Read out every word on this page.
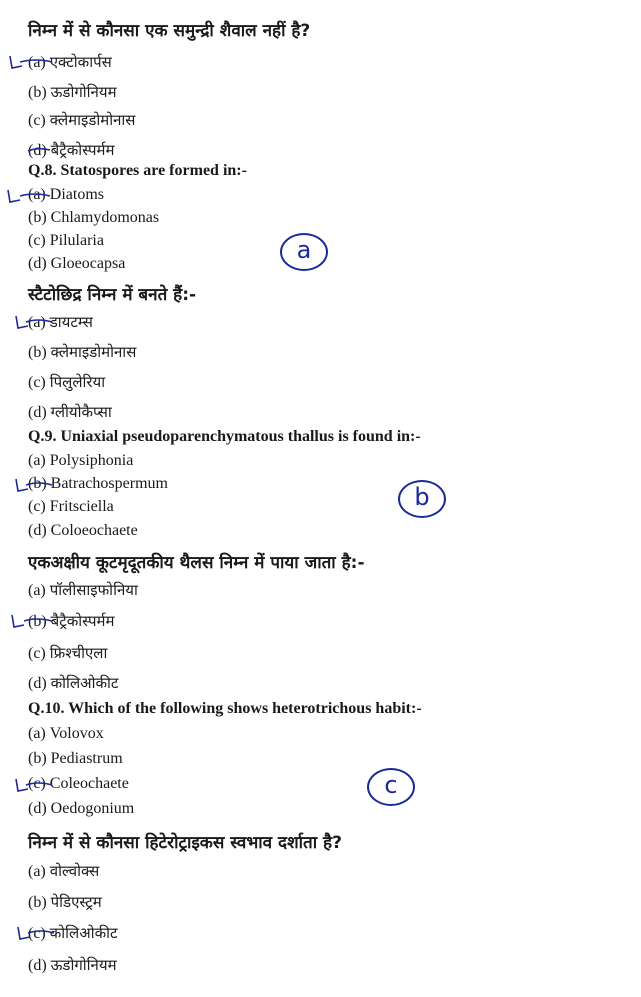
निम्न में से कौनसा एक समुन्द्री शैवाल नहीं है?
(a) एक्टोकार्पस
(b) ऊडोगोनियम
(c) क्लेमाइडोमोनास
(d) बैट्रैकोस्पर्मम
Q.8. Statospores are formed in:-
(a) Diatoms
(b) Chlamydomonas
(c) Pilularia
(d) Gloeocapsa	a
स्टैटोछिद्र निम्न में बनते हैं:-
(a) डायटम्स
(b) क्लेमाइडोमोनास
(c) पिलुलेरिया
(d) ग्लीयोकैप्सा
Q.9. Uniaxial pseudoparenchymatous thallus is found in:-
(a) Polysiphonia
(b) Batrachospermum
(c) Fritsciella
(d) Coloeochaete
b
एकअक्षीय कूटमृदूतकीय थैलस निम्न में पाया जाता है:-
(a) पॉलीसाइफोनिया
(b) बैट्रैकोस्पर्मम
(c) फ्रिश्चीएला
(d) कोलिओकीट
Q.10. Which of the following shows heterotrichous habit:-
(a) Volovox
(b) Pediastrum
(c) Coleochaete
(d) Oedogonium
c
निम्न में से कौनसा हिटेरोट्राइकस स्वभाव दर्शाता है?
(a) वोल्वोक्स
(b) पेडिएस्ट्रम
(c) कोलिओकीट
(d) ऊडोगोनियम
